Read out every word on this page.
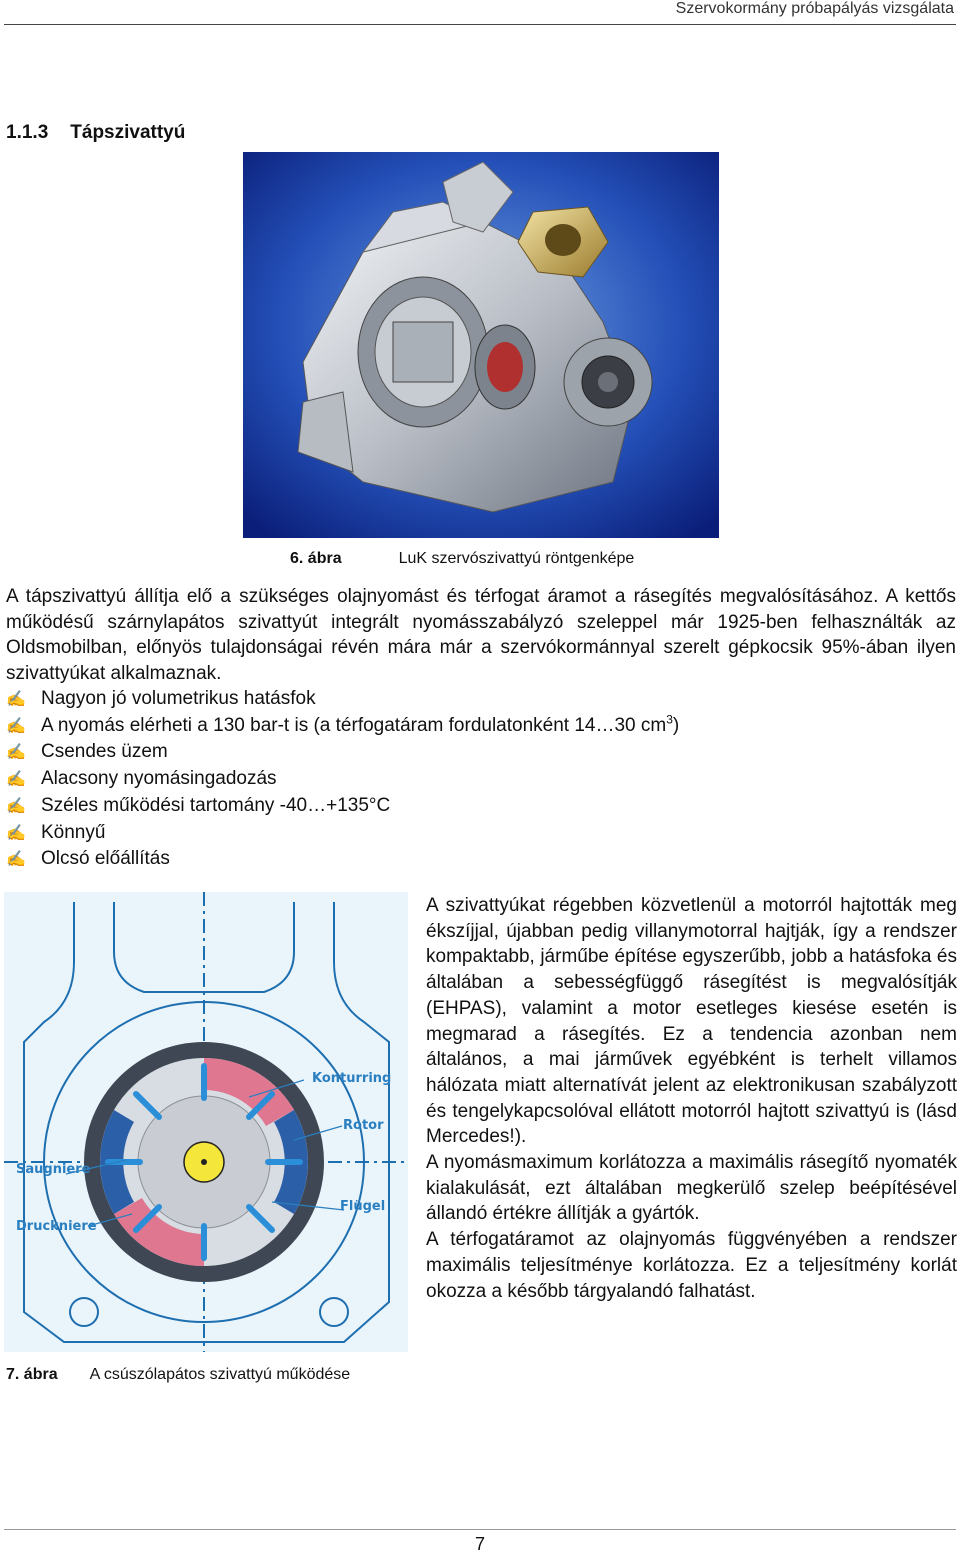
Szervokormány próbapályás vizsgálata
1.1.3 Tápszivattyú
6. ábra	LuK szervószivattyú röntgenképe
A tápszivattyú állítja elő a szükséges olajnyomást és térfogat áramot a rásegítés megvalósításához. A kettős működésű szárnylapátos szivattyút integrált nyomásszabályzó szeleppel már 1925-ben felhasználták az Oldsmobilban, előnyös tulajdonságai révén mára már a szervókormánnyal szerelt gépkocsik 95%-ában ilyen szivattyúkat alkalmaznak.
✍ Nagyon jó volumetrikus hatásfok
✍ A nyomás elérheti a 130 bar-t is (a térfogatáram fordulatonként 14…30 $cm^3$)
✍ Csendes üzem
✍ Alacsony nyomásingadozás
✍ Széles működési tartomány -40…+135°C
✍ Könnyű
✍ Olcsó előállítás
Konturring
Rotor
Saugniere
Druckniere
Flügel
7. ábra A csúszólapátos szivattyú működése

A szivattyúkat régebben közvetlenül a motorról hajtották meg ékszíjjal, újabban pedig villanymotorral hajtják, így a rendszer kompaktabb, járműbe építése egyszerűbb, jobb a hatásfoka és általában a sebességfüggő rásegítést is megvalósítják (EHPAS), valamint a motor esetleges kiesése esetén is megmarad a rásegítés. Ez a tendencia azonban nem általános, a mai járművek egyébként is terhelt villamos hálózata miatt alternatívát jelent az elektronikusan szabályzott és tengelykapcsolóval ellátott motorról hajtott szivattyú is (lásd Mercedes!).

A nyomásmaximum korlátozza a maximális rásegítő nyomaték kialakulását, ezt általában megkerülő szelep beépítésével állandó értékre állítják a gyártók.

A térfogatáramot az olajnyomás függvényében a rendszer maximális teljesítménye korlátozza. Ez a teljesítmény korlát okozza a később tárgyalandó falhatást.

7
